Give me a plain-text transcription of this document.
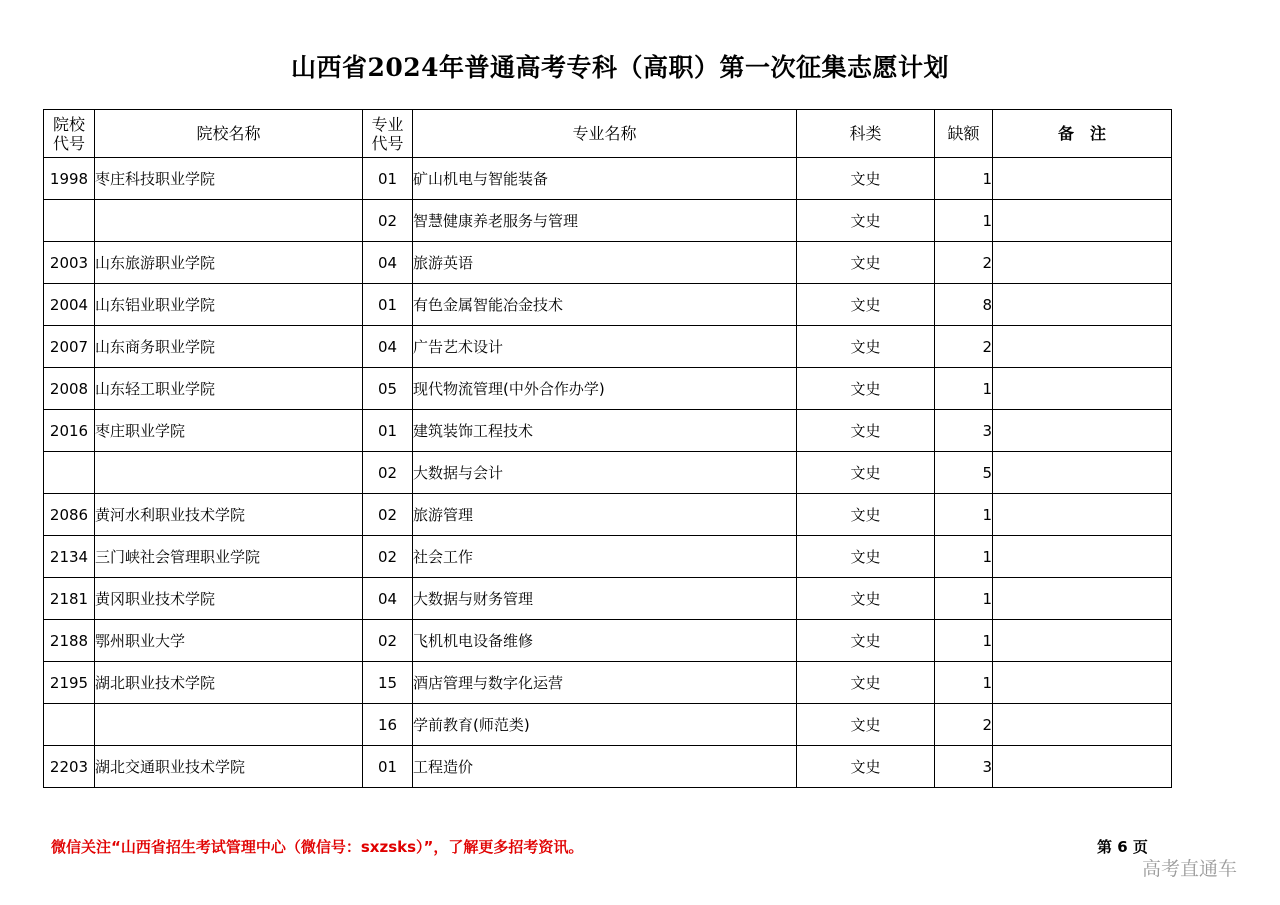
山西省2024年普通高考专科（高职）第一次征集志愿计划
院校代号	院校名称	专业代号	专业名称	科类	缺额	备　注
1998	枣庄科技职业学院	01	矿山机电与智能装备	文史	1	
		02	智慧健康养老服务与管理	文史	1	
2003	山东旅游职业学院	04	旅游英语	文史	2	
2004	山东铝业职业学院	01	有色金属智能冶金技术	文史	8	
2007	山东商务职业学院	04	广告艺术设计	文史	2	
2008	山东轻工职业学院	05	现代物流管理(中外合作办学)	文史	1	
2016	枣庄职业学院	01	建筑装饰工程技术	文史	3	
		02	大数据与会计	文史	5	
2086	黄河水利职业技术学院	02	旅游管理	文史	1	
2134	三门峡社会管理职业学院	02	社会工作	文史	1	
2181	黄冈职业技术学院	04	大数据与财务管理	文史	1	
2188	鄂州职业大学	02	飞机机电设备维修	文史	1	
2195	湖北职业技术学院	15	酒店管理与数字化运营	文史	1	
		16	学前教育(师范类)	文史	2	
2203	湖北交通职业技术学院	01	工程造价	文史	3	
微信关注“山西省招生考试管理中心（微信号：sxzsks）”，了解更多招考资讯。	第 6 页
高考直通车
